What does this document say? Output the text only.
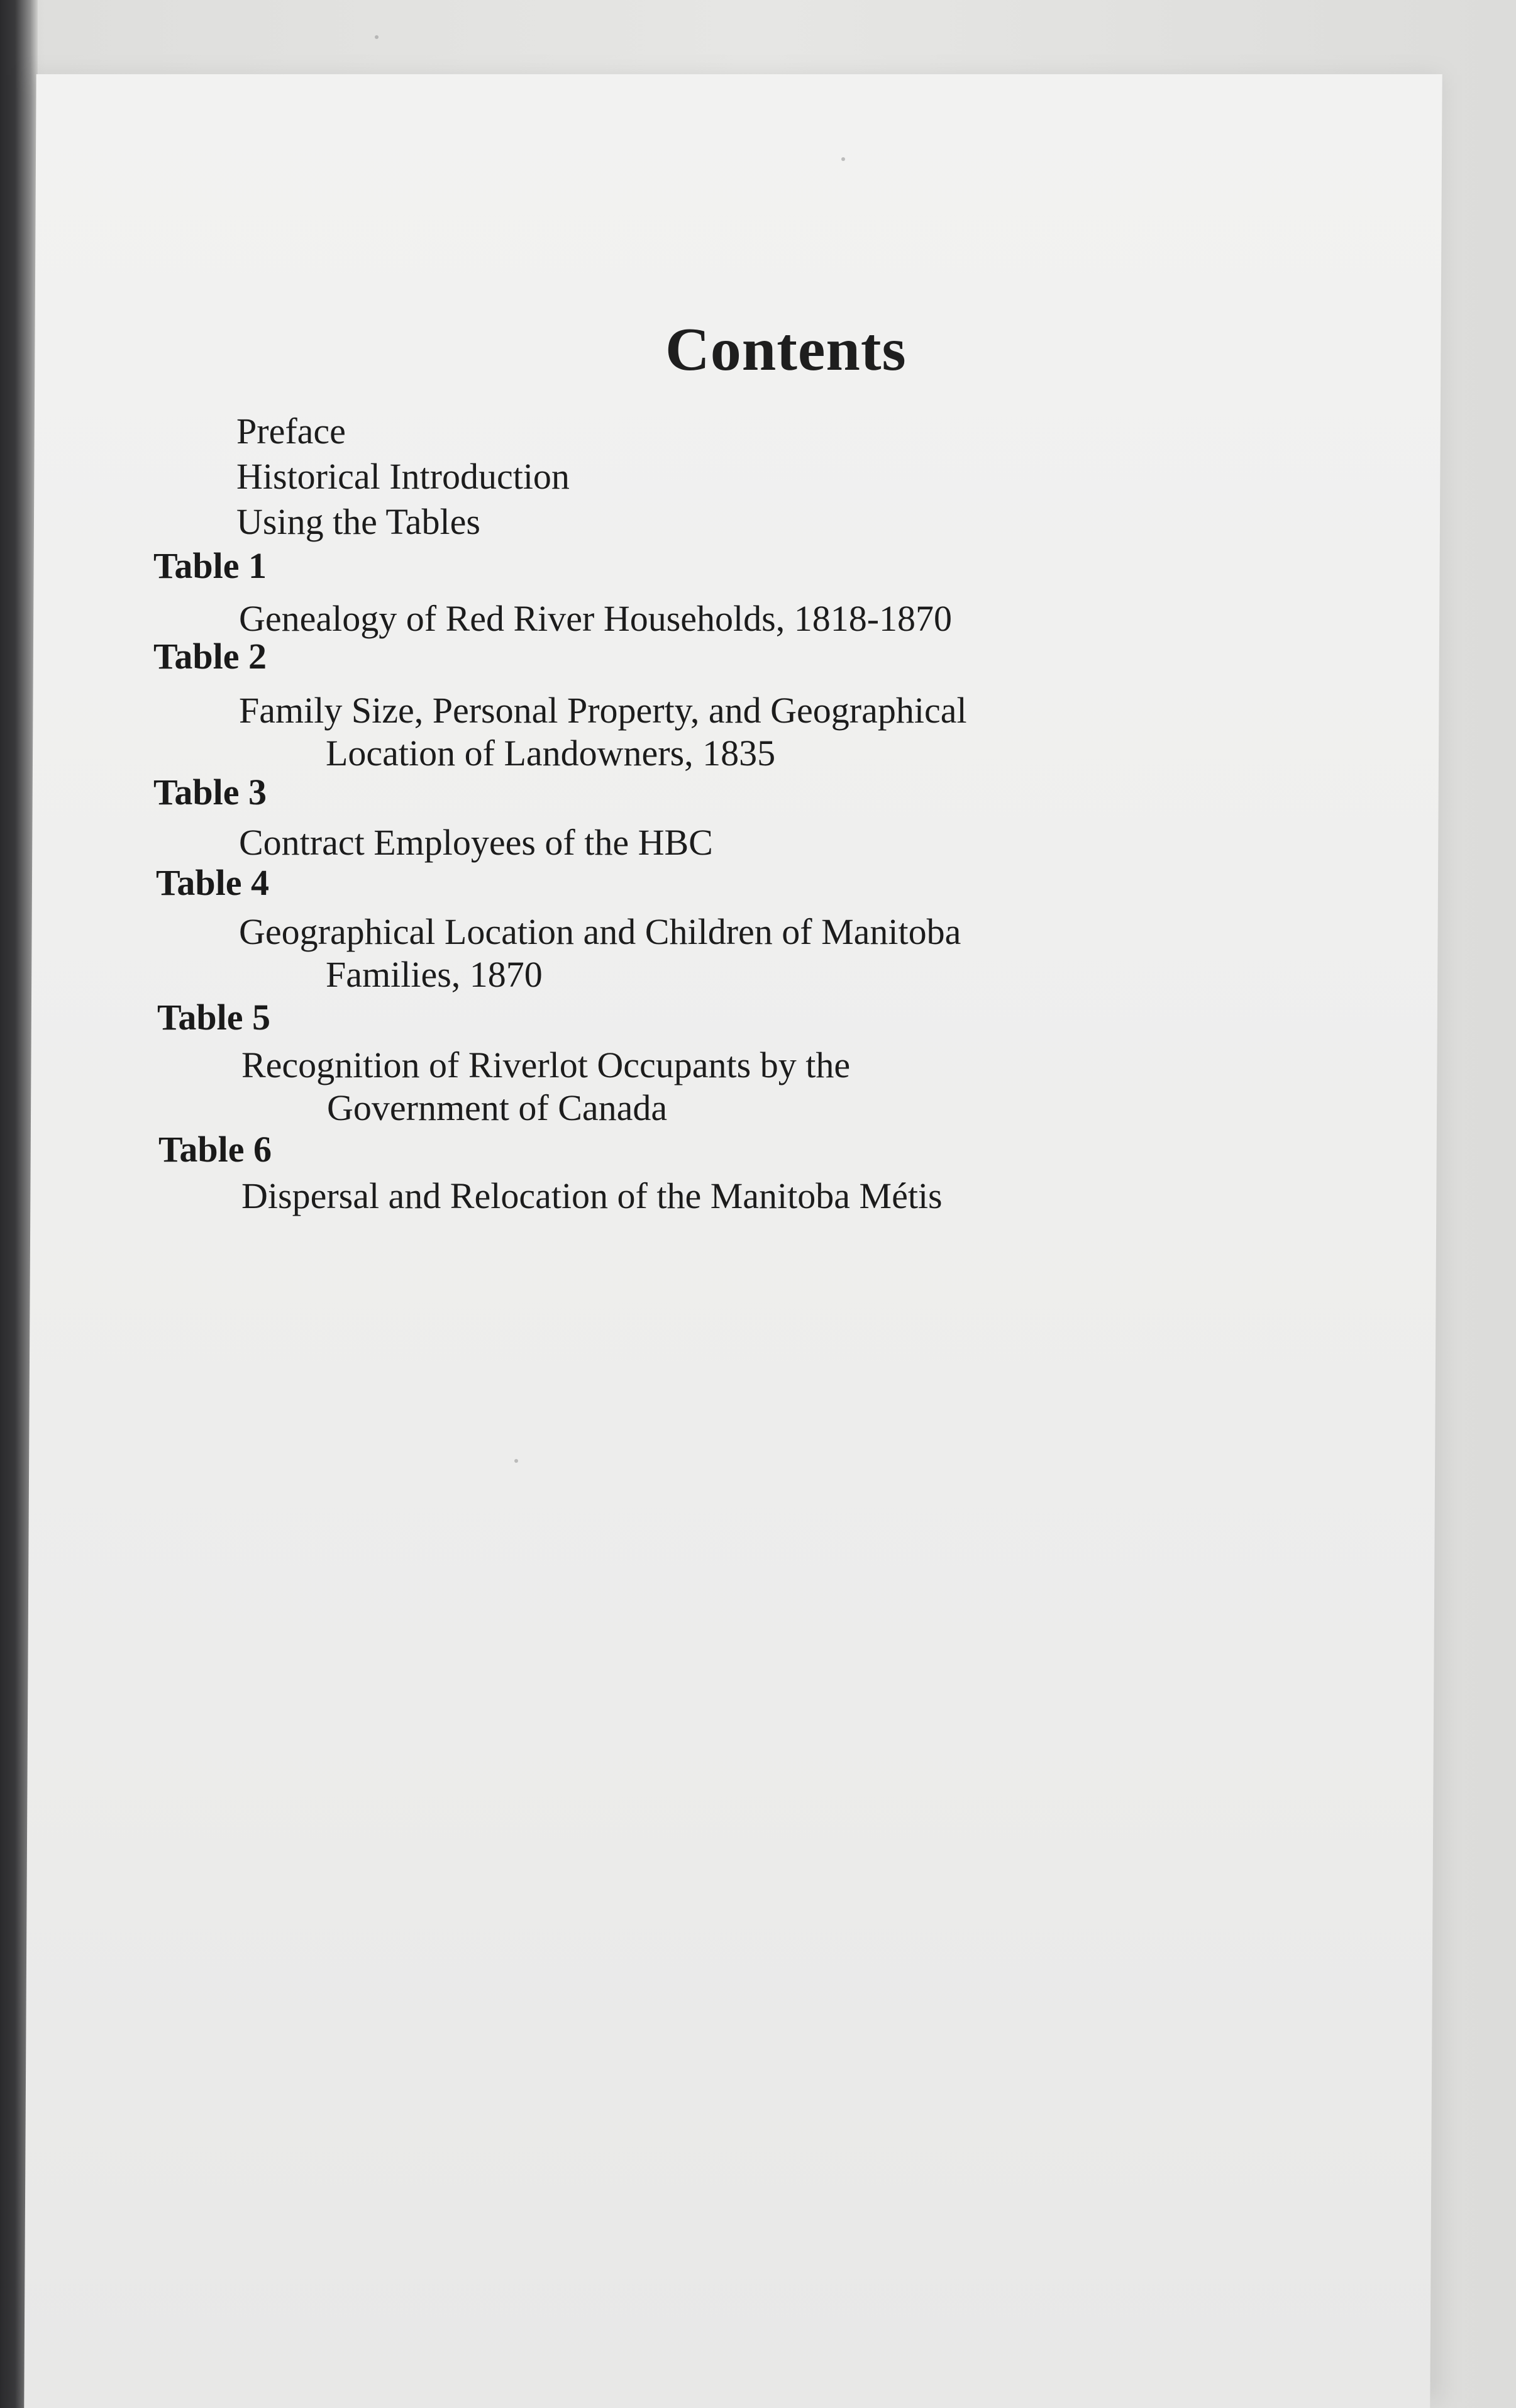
Contents
Preface
Historical Introduction
Using the Tables
Table 1
Genealogy of Red River Households, 1818-1870
Table 2
Family Size, Personal Property, and Geographical
Location of Landowners, 1835
Table 3
Contract Employees of the HBC
Table 4
Geographical Location and Children of Manitoba
Families, 1870
Table 5
Recognition of Riverlot Occupants by the
Government of Canada
Table 6
Dispersal and Relocation of the Manitoba Métis
